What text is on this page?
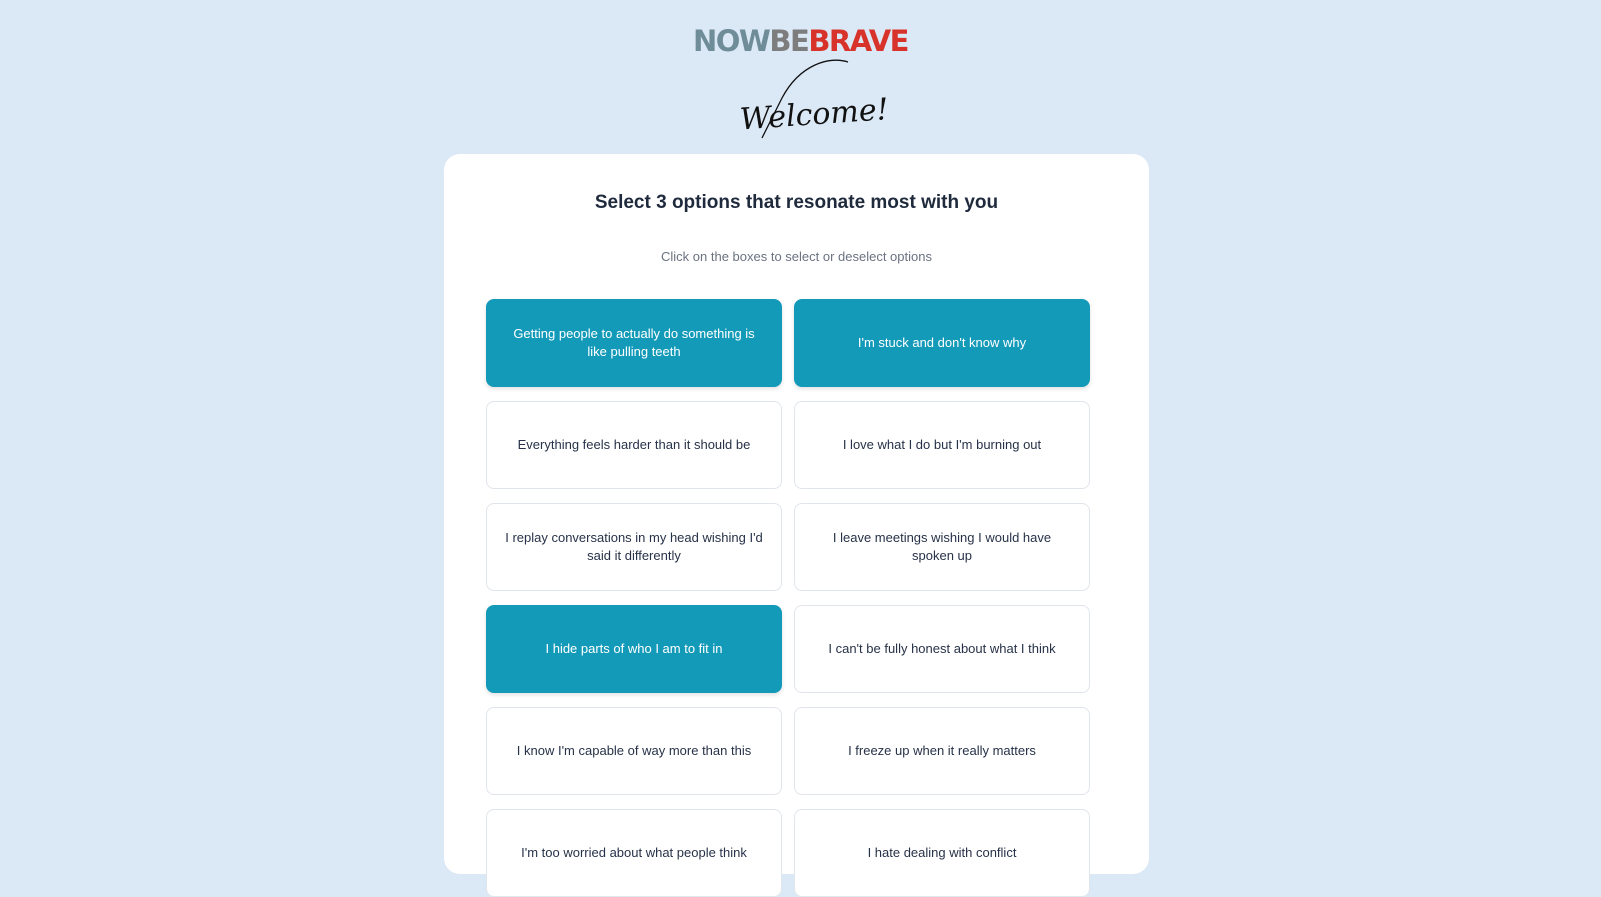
NOWBEBRAVE
Welcome!
Select 3 options that resonate most with you

Click on the boxes to select or deselect options

Getting people to actually do something is like pulling teeth
I'm stuck and don't know why
Everything feels harder than it should be	I love what I do but I'm burning out
I replay conversations in my head wishing I'd said it differently
I leave meetings wishing I would have spoken up
I hide parts of who I am to fit in	I can't be fully honest about what I think
I know I'm capable of way more than this	I freeze up when it really matters
I'm too worried about what people think	I hate dealing with conflict
